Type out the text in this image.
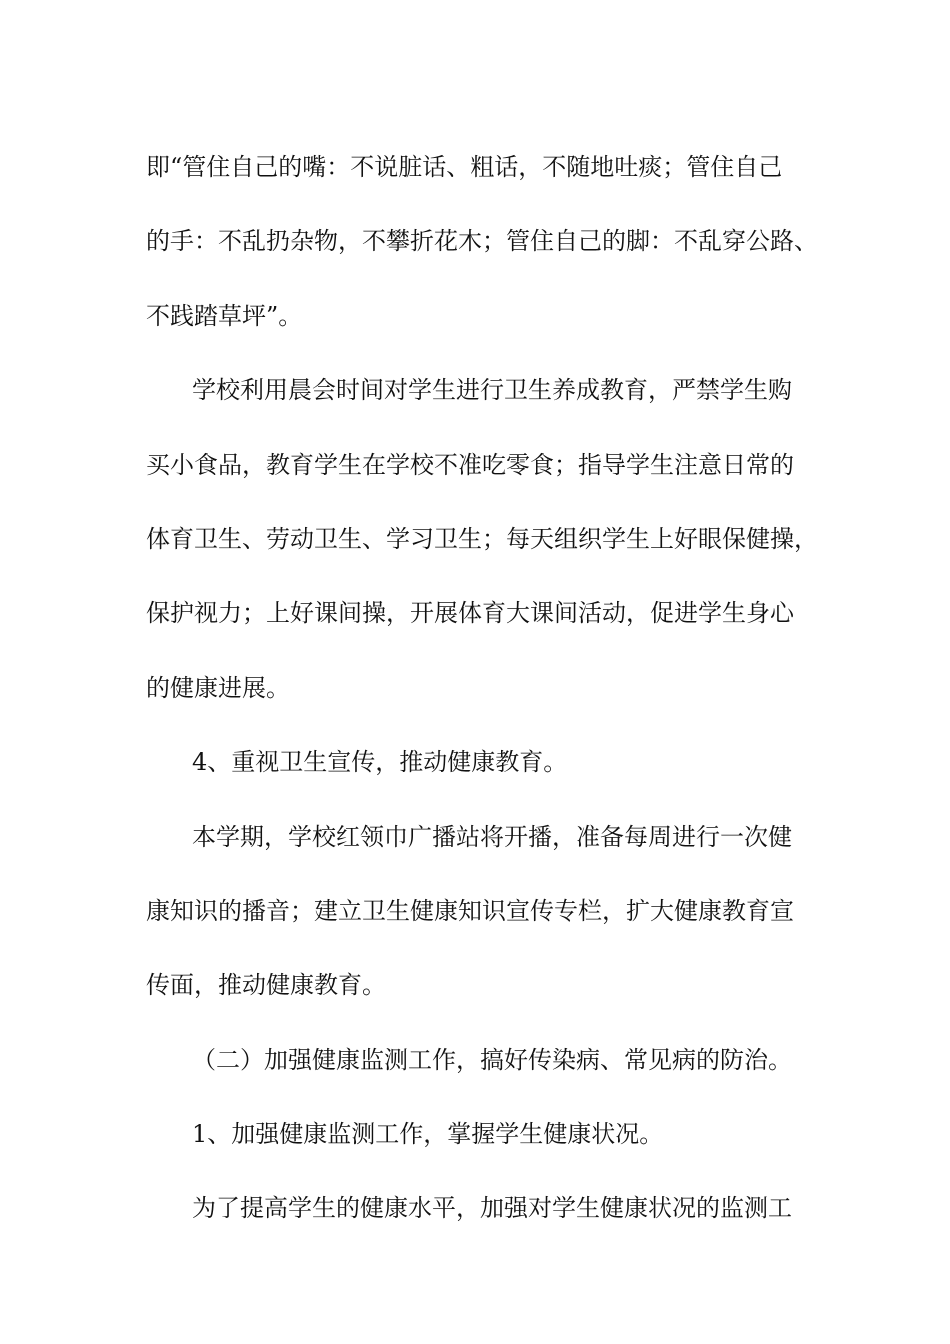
即“管住自己的嘴：不说脏话、粗话，不随地吐痰；管住自己
的手：不乱扔杂物，不攀折花木；管住自己的脚：不乱穿公路、
不践踏草坪”。
学校利用晨会时间对学生进行卫生养成教育，严禁学生购
买小食品，教育学生在学校不准吃零食；指导学生注意日常的
体育卫生、劳动卫生、学习卫生；每天组织学生上好眼保健操，
保护视力；上好课间操，开展体育大课间活动，促进学生身心
的健康进展。
4、重视卫生宣传，推动健康教育。
本学期，学校红领巾广播站将开播，准备每周进行一次健
康知识的播音；建立卫生健康知识宣传专栏，扩大健康教育宣
传面，推动健康教育。
（二）加强健康监测工作，搞好传染病、常见病的防治。
1、加强健康监测工作，掌握学生健康状况。
为了提高学生的健康水平，加强对学生健康状况的监测工
